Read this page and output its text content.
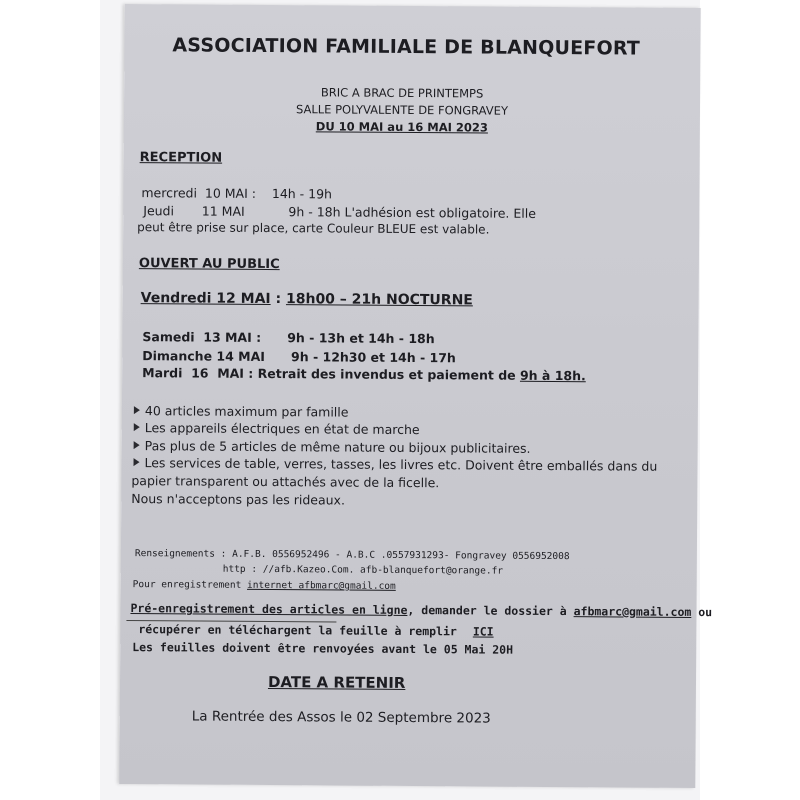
ASSOCIATION FAMILIALE DE BLANQUEFORT
BRIC A BRAC DE PRINTEMPS
SALLE POLYVALENTE DE FONGRAVEY
DU 10 MAI au 16 MAI 2023
RECEPTION
mercredi  10 MAI :    14h - 19h
Jeudi       11 MAI           9h - 18h L'adhésion est obligatoire. Elle
peut être prise sur place, carte Couleur BLEUE est valable.
OUVERT AU PUBLIC
Vendredi 12 MAI : 18h00 – 21h NOCTURNE
Samedi  13 MAI :      9h - 13h et 14h - 18h
Dimanche 14 MAI      9h - 12h30 et 14h - 17h
Mardi  16  MAI : Retrait des invendus et paiement de 9h à 18h.
40 articles maximum par famille
Les appareils électriques en état de marche
Pas plus de 5 articles de même nature ou bijoux publicitaires.
Les services de table, verres, tasses, les livres etc. Doivent être emballés dans du
papier transparent ou attachés avec de la ficelle.
Nous n'acceptons pas les rideaux.
Renseignements : A.F.B. 0556952496 - A.B.C .0557931293- Fongravey 0556952008
http : //afb.Kazeo.Com. afb-blanquefort@orange.fr
Pour enregistrement internet afbmarc@gmail.com
Pré-enregistrement des articles en ligne, demander le dossier à afbmarc@gmail.com ou
récupérer en téléchargent la feuille à remplir ICI
Les feuilles doivent être renvoyées avant le 05 Mai 20H
DATE A RETENIR
La Rentrée des Assos le 02 Septembre 2023
